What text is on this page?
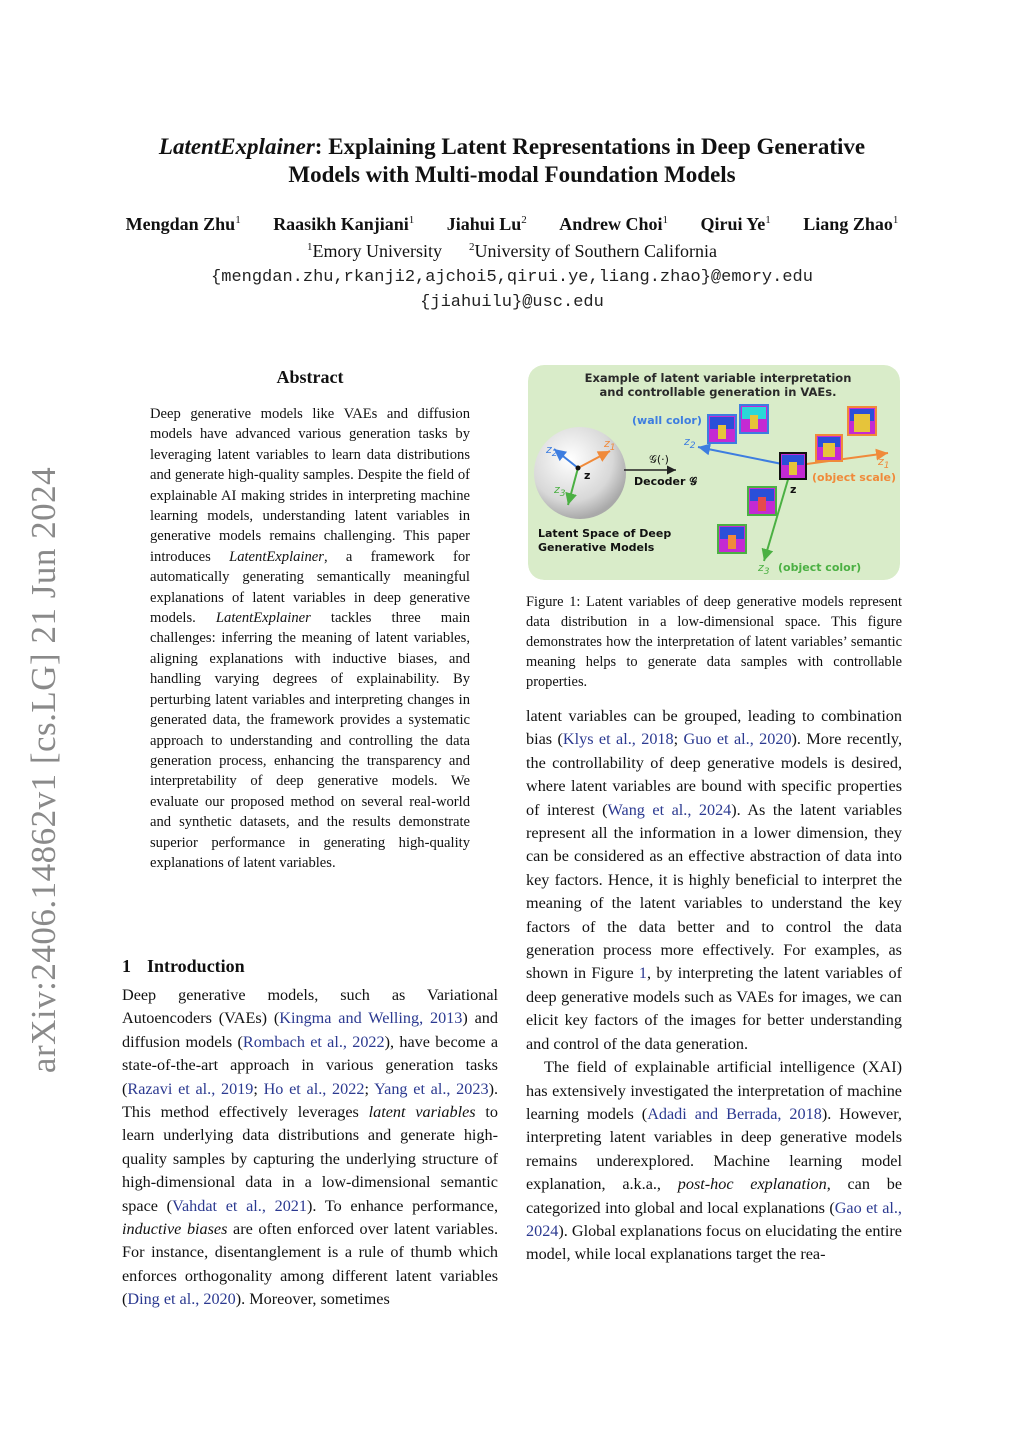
arXiv:2406.14862v1 [cs.LG] 21 Jun 2024
LatentExplainer: Explaining Latent Representations in Deep Generative
Models with Multi-modal Foundation Models
Mengdan Zhu$^1$ Raasikh Kanjiani$^1$ Jiahui Lu$^2$ Andrew Choi$^1$ Qirui Ye$^1$ Liang Zhao$^1$
$^1$Emory University $^2$University of Southern California
{mengdan.zhu,rkanji2,ajchoi5,qirui.ye,liang.zhao}@emory.edu
{jiahuilu}@usc.edu
Abstract
Deep generative models like VAEs and diffusion models have advanced various generation tasks by leveraging latent variables to learn data distributions and generate high-quality samples. Despite the field of explainable AI making strides in interpreting machine learning models, understanding latent variables in generative models remains challenging. This paper introduces LatentExplainer, a framework for automatically generating semantically meaningful explanations of latent variables in deep generative models. LatentExplainer tackles three main challenges: inferring the meaning of latent variables, aligning explanations with inductive biases, and handling varying degrees of explainability. By perturbing latent variables and interpreting changes in generated data, the framework provides a systematic approach to understanding and controlling the data generation process, enhancing the transparency and interpretability of deep generative models. We evaluate our proposed method on several real-world and synthetic datasets, and the results demonstrate superior performance in generating high-quality explanations of latent variables.
1 Introduction

Deep generative models, such as Variational Autoencoders (VAEs) (Kingma and Welling, 2013) and diffusion models (Rombach et al., 2022), have become a state-of-the-art approach in various generation tasks (Razavi et al., 2019; Ho et al., 2022; Yang et al., 2023). This method effectively leverages latent variables to learn underlying data distributions and generate high-quality samples by capturing the underlying structure of high-dimensional data in a low-dimensional semantic space (Vahdat et al., 2021). To enhance performance, inductive biases are often enforced over latent variables. For instance, disentanglement is a rule of thumb which enforces orthogonality among different latent variables (Ding et al., 2020). Moreover, sometimes

Example of latent variable interpretation
and controllable generation in VAEs.
(wall color)
$z_2$
$z_1$
$z_3$
z
𝒢(·)
Decoder 𝒢
$z_2$
$z_1$
(object scale)
z
$z_3$ (object color)
Latent Space of Deep
Generative Models
Figure 1: Latent variables of deep generative models represent data distribution in a low-dimensional space. This figure demonstrates how the interpretation of latent variables’ semantic meaning helps to generate data samples with controllable properties.

latent variables can be grouped, leading to combination bias (Klys et al., 2018; Guo et al., 2020). More recently, the controllability of deep generative models is desired, where latent variables are bound with specific properties of interest (Wang et al., 2024). As the latent variables represent all the information in a lower dimension, they can be considered as an effective abstraction of data into key factors. Hence, it is highly beneficial to interpret the meaning of the latent variables to understand the key factors of the data better and to control the data generation process more effectively. For examples, as shown in Figure 1, by interpreting the latent variables of deep generative models such as VAEs for images, we can elicit key factors of the images for better understanding and control of the data generation.

The field of explainable artificial intelligence (XAI) has extensively investigated the interpretation of machine learning models (Adadi and Berrada, 2018). However, interpreting latent variables in deep generative models remains underexplored. Machine learning model explanation, a.k.a., post-hoc explanation, can be categorized into global and local explanations (Gao et al., 2024). Global explanations focus on elucidating the entire model, while local explanations target the rea-
